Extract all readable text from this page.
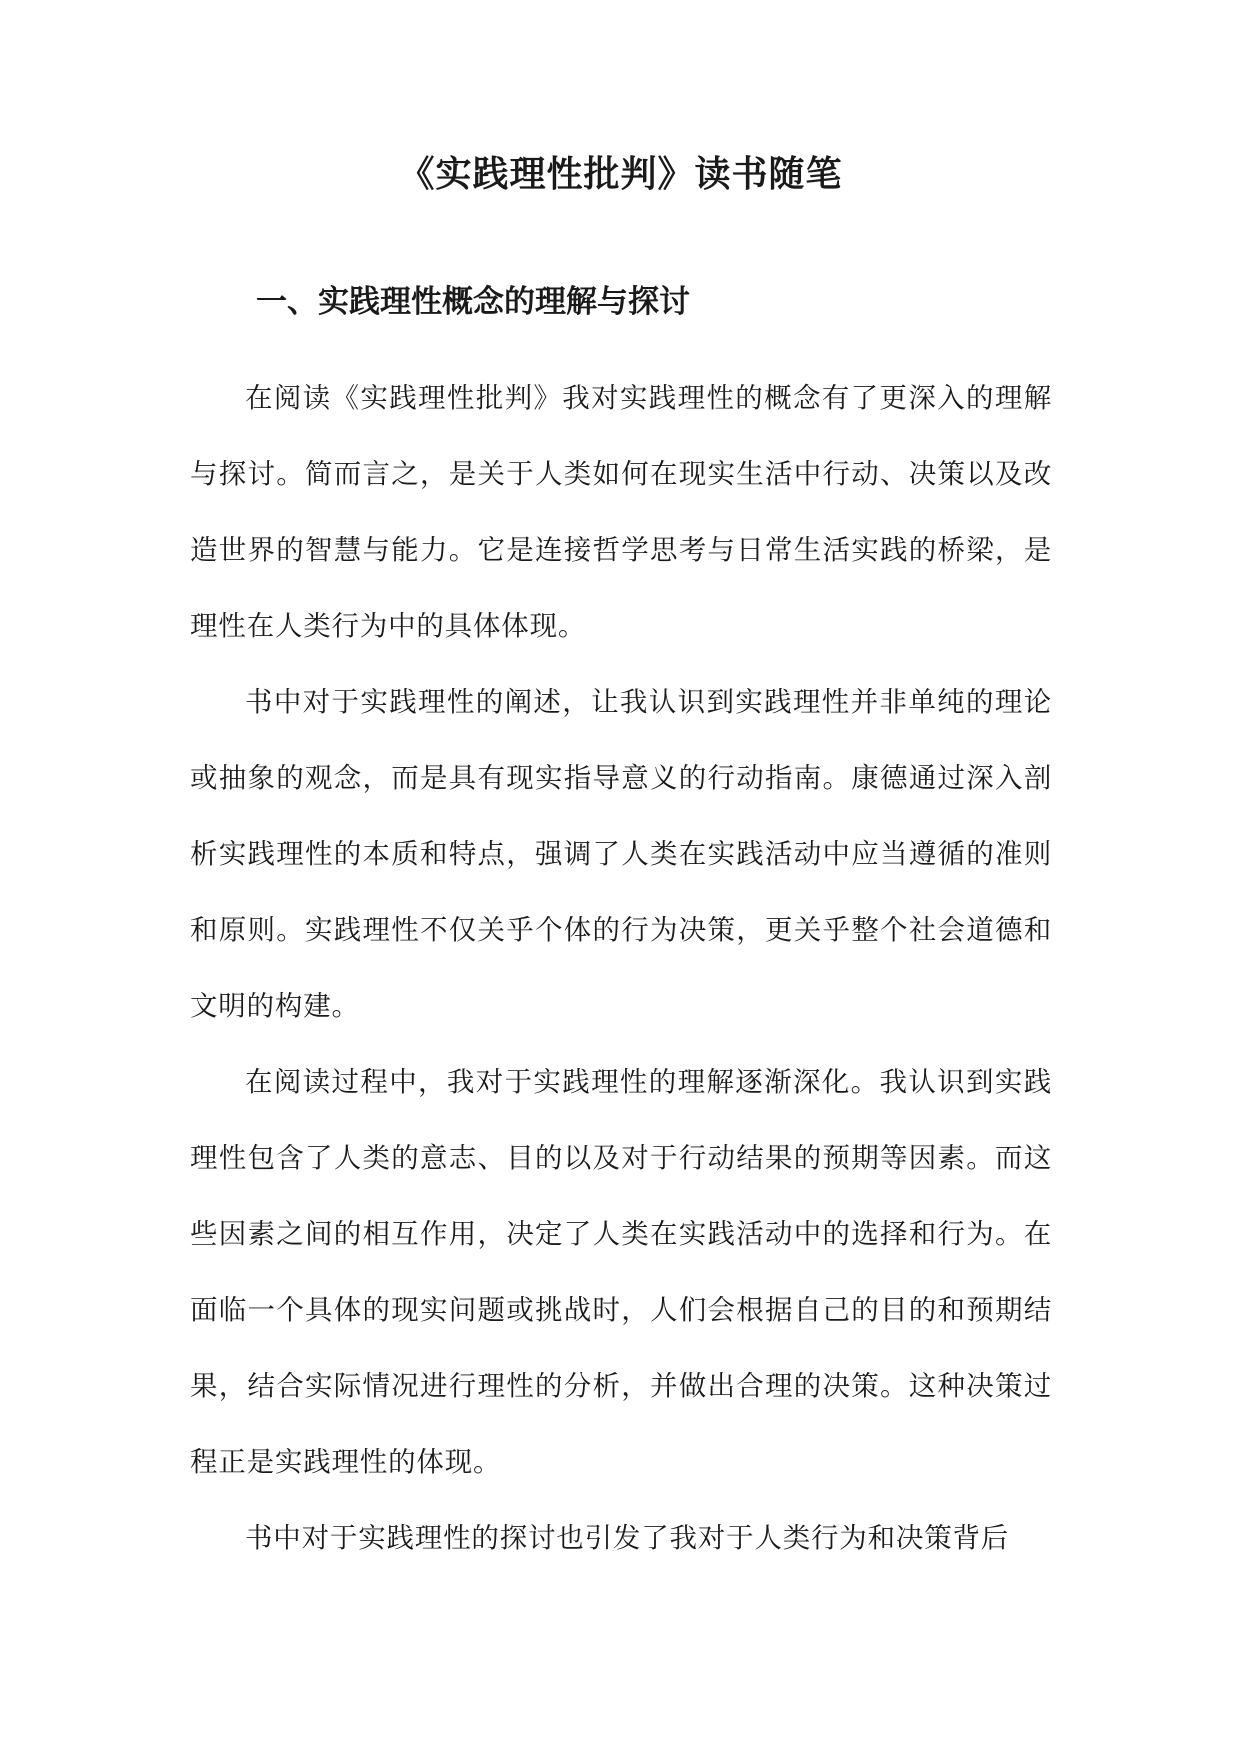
《实践理性批判》读书随笔
一、实践理性概念的理解与探讨

在阅读《实践理性批判》我对实践理性的概念有了更深入的理解与探讨。简而言之，是关于人类如何在现实生活中行动、决策以及改造世界的智慧与能力。它是连接哲学思考与日常生活实践的桥梁，是理性在人类行为中的具体体现。

书中对于实践理性的阐述，让我认识到实践理性并非单纯的理论或抽象的观念，而是具有现实指导意义的行动指南。康德通过深入剖析实践理性的本质和特点，强调了人类在实践活动中应当遵循的准则和原则。实践理性不仅关乎个体的行为决策，更关乎整个社会道德和文明的构建。

在阅读过程中，我对于实践理性的理解逐渐深化。我认识到实践理性包含了人类的意志、目的以及对于行动结果的预期等因素。而这些因素之间的相互作用，决定了人类在实践活动中的选择和行为。在面临一个具体的现实问题或挑战时，人们会根据自己的目的和预期结果，结合实际情况进行理性的分析，并做出合理的决策。这种决策过程正是实践理性的体现。

书中对于实践理性的探讨也引发了我对于人类行为和决策背后
